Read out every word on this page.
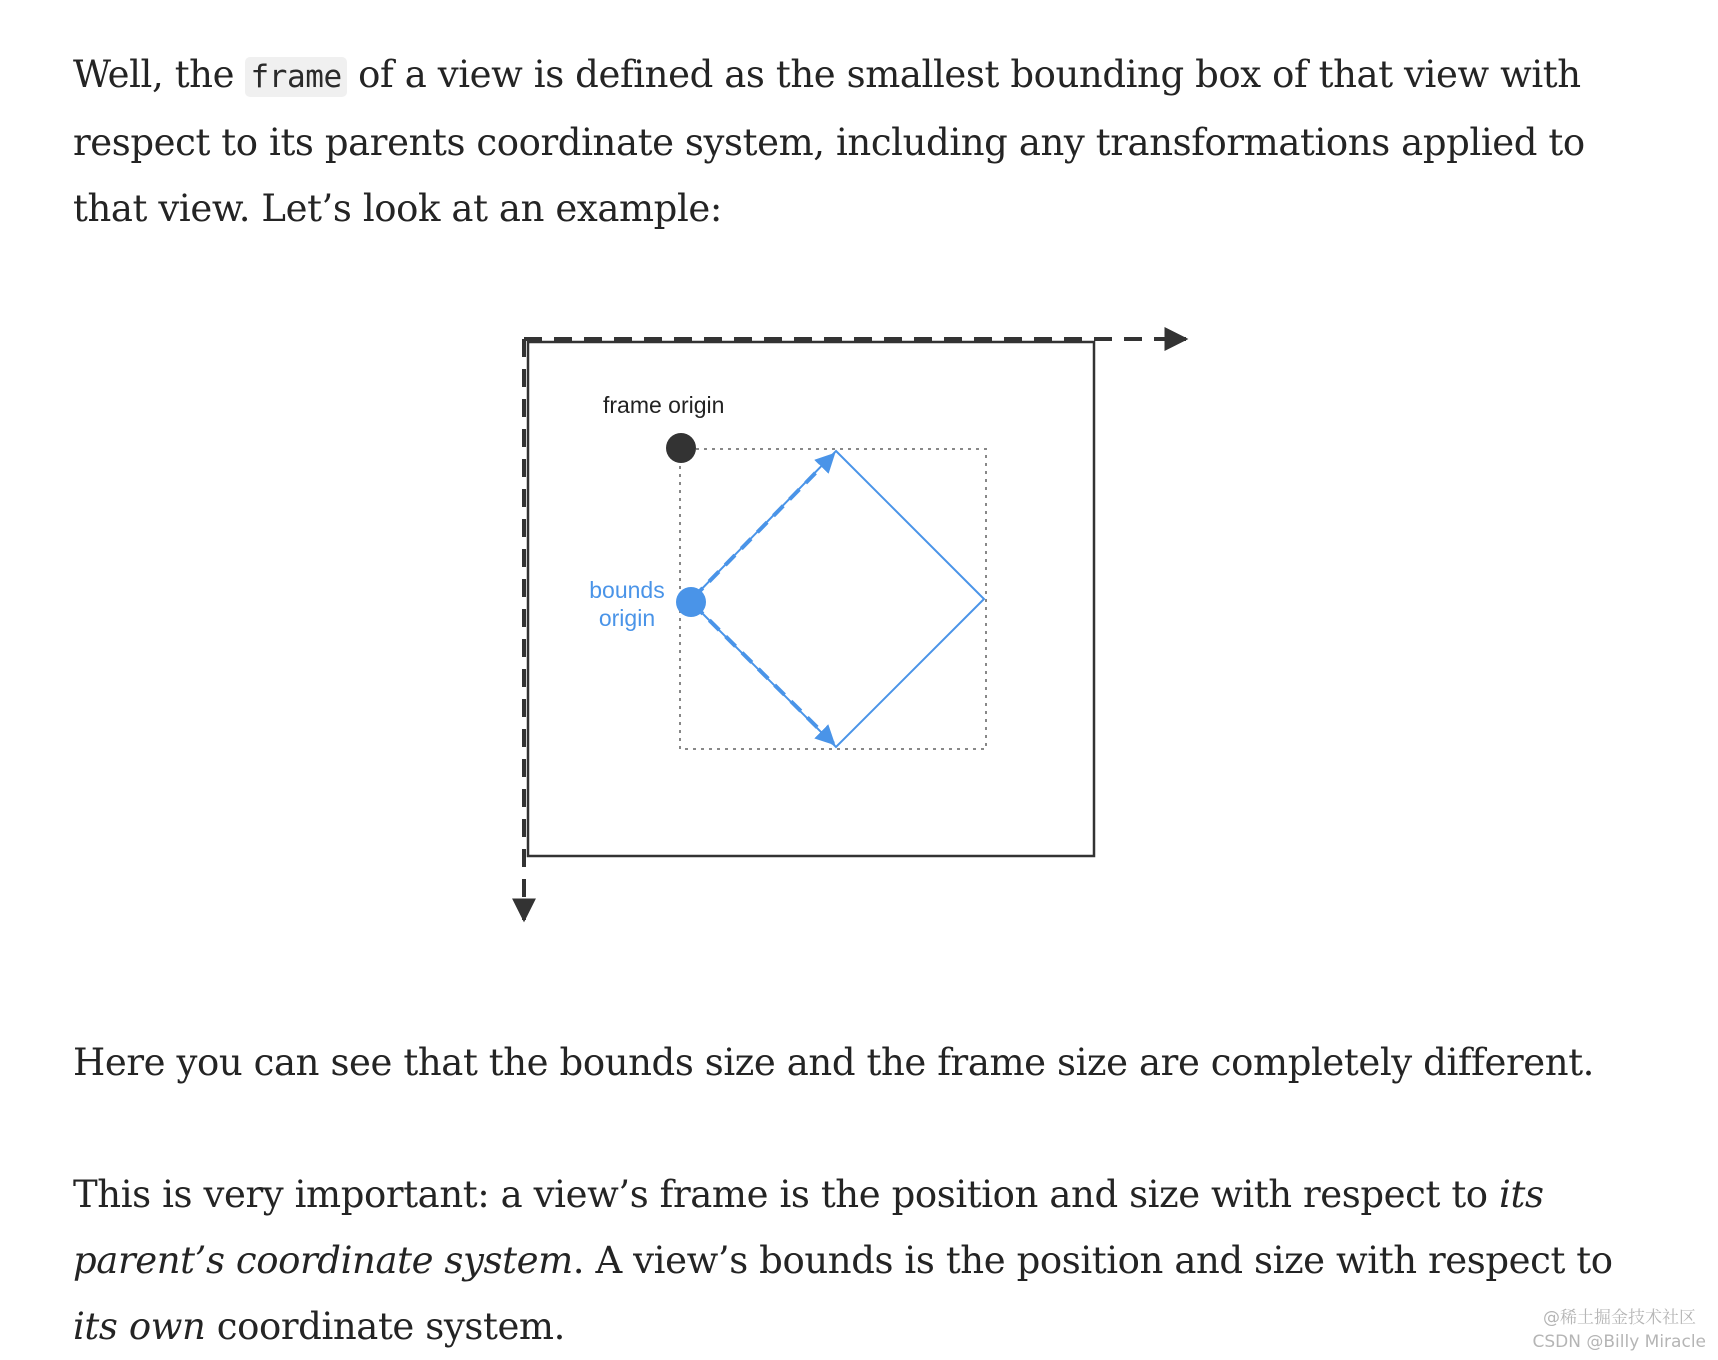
Well, the frame of a view is defined as the smallest bounding box of that view with respect to its parents coordinate system, including any transformations applied to that view. Let’s look at an example:

frame origin
bounds
origin

Here you can see that the bounds size and the frame size are completely different.

This is very important: a view’s frame is the position and size with respect to its parent’s coordinate system. A view’s bounds is the position and size with respect to its own coordinate system.	@稀土掘金技术社区
CSDN @Billy Miracle
